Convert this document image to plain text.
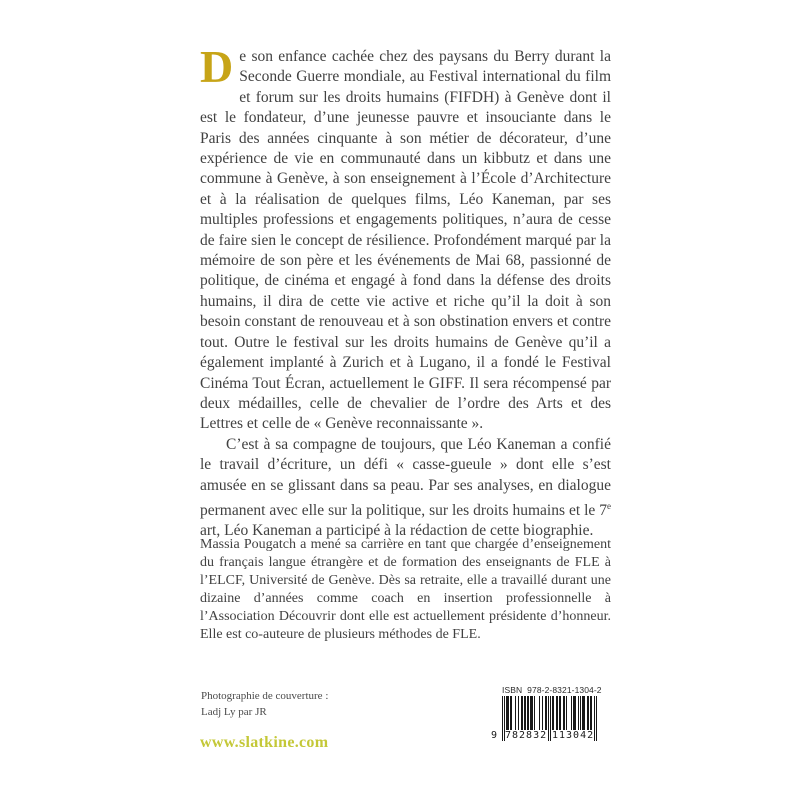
De son enfance cachée chez des paysans du Berry durant la Seconde Guerre mondiale, au Festival international du film et forum sur les droits humains (FIFDH) à Genève dont il est le fondateur, d’une jeunesse pauvre et insouciante dans le Paris des années cinquante à son métier de décorateur, d’une expérience de vie en communauté dans un kibbutz et dans une commune à Genève, à son enseignement à l’École d’Architecture et à la réalisation de quelques films, Léo Kaneman, par ses multiples professions et engagements politiques, n’aura de cesse de faire sien le concept de résilience. Profondément marqué par la mémoire de son père et les événements de Mai 68, passionné de politique, de cinéma et engagé à fond dans la défense des droits humains, il dira de cette vie active et riche qu’il la doit à son besoin constant de renouveau et à son obstination envers et contre tout. Outre le festival sur les droits humains de Genève qu’il a également implanté à Zurich et à Lugano, il a fondé le Festival Cinéma Tout Écran, actuellement le GIFF. Il sera récompensé par deux médailles, celle de chevalier de l’ordre des Arts et des Lettres et celle de « Genève reconnaissante ».

C’est à sa compagne de toujours, que Léo Kaneman a confié le travail d’écriture, un défi « casse-gueule » dont elle s’est amusée en se glissant dans sa peau. Par ses analyses, en dialogue permanent avec elle sur la politique, sur les droits humains et le 7e art, Léo Kaneman a participé à la rédaction de cette biographie.

Massia Pougatch a mené sa carrière en tant que chargée d’enseignement du français langue étrangère et de formation des enseignants de FLE à l’ELCF, Université de Genève. Dès sa retraite, elle a travaillé durant une dizaine d’années comme coach en insertion professionnelle à l’Association Découvrir dont elle est actuellement présidente d’honneur. Elle est co-auteure de plusieurs méthodes de FLE.
Photographie de couverture :
Ladj Ly par JR
www.slatkine.com
ISBN  978-2-8321-1304-2
9 782832 113042
